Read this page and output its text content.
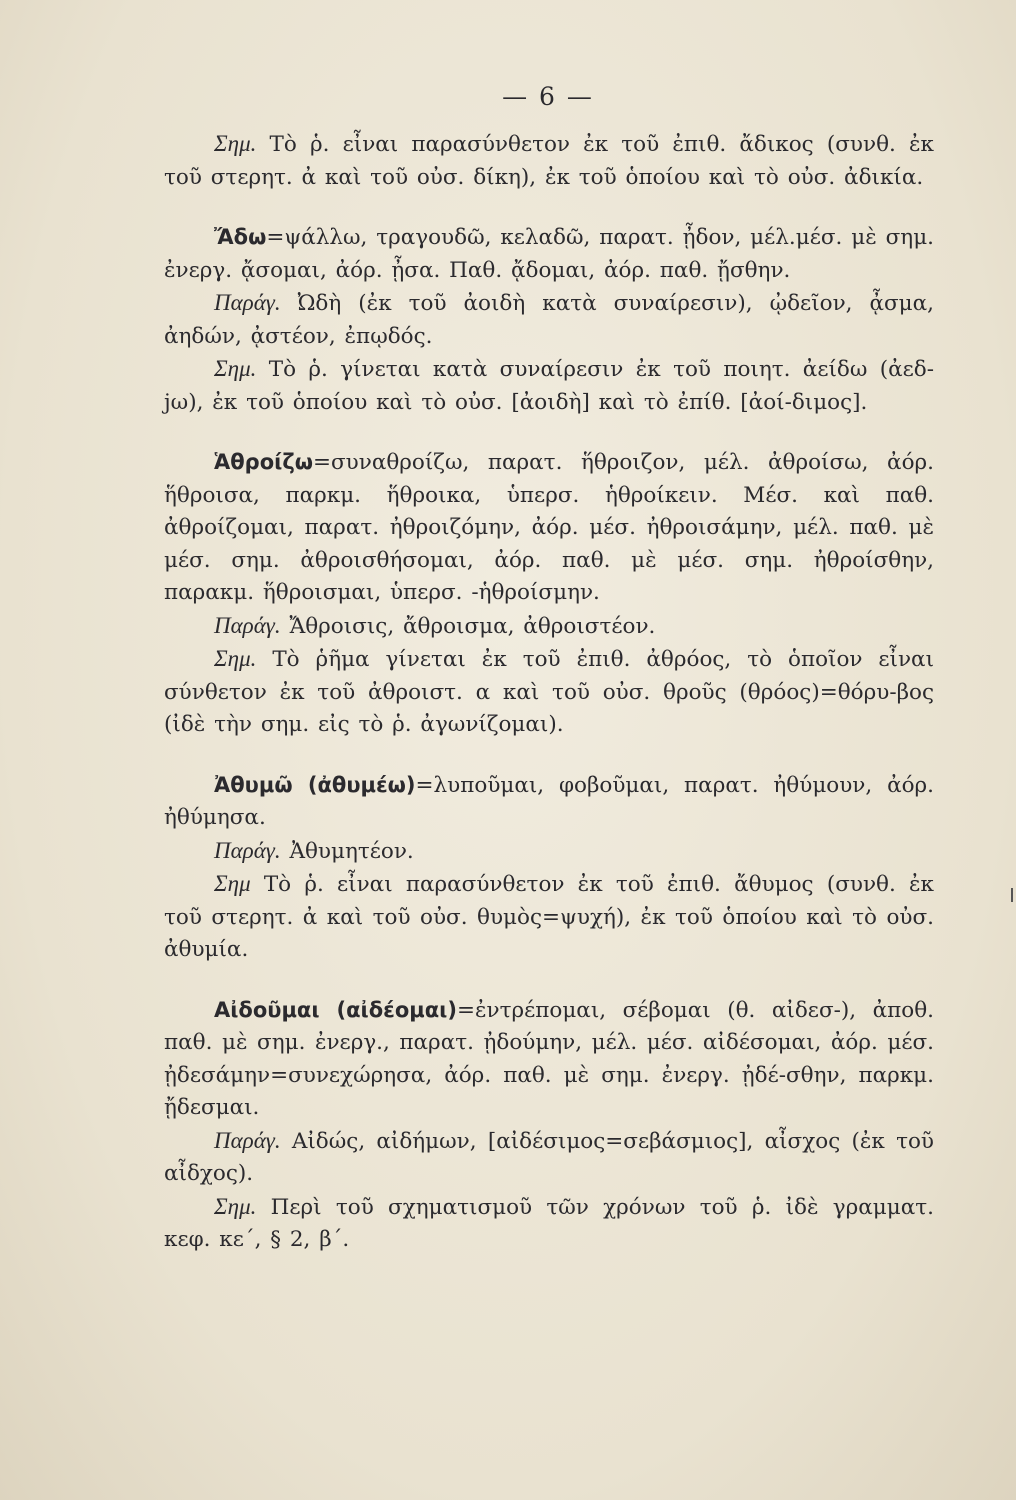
— 6 —

Σημ. Τὸ ῥ. εἶναι παρασύνθετον ἐκ τοῦ ἐπιθ. ἄδικος (συνθ. ἐκ τοῦ στερητ. ἀ καὶ τοῦ οὐσ. δίκη), ἐκ τοῦ ὁποίου καὶ τὸ οὐσ. ἀδικία.

Ἄδω=ψάλλω, τραγουδῶ, κελαδῶ, παρατ. ᾖδον, μέλ.μέσ. μὲ σημ. ἐνεργ. ᾄσομαι, ἀόρ. ᾖσα. Παθ. ᾄδομαι, ἀόρ. παθ. ᾔσθην.

Παράγ. Ὠδὴ (ἐκ τοῦ ἀοιδὴ κατὰ συναίρεσιν), ᾠδεῖον, ᾆσμα, ἀηδών, ᾀστέον, ἐπῳδός.

Σημ. Τὸ ῥ. γίνεται κατὰ συναίρεσιν ἐκ τοῦ ποιητ. ἀείδω (ἀεδ-jω), ἐκ τοῦ ὁποίου καὶ τὸ οὐσ. [ἀοιδὴ] καὶ τὸ ἐπίθ. [ἀοί-διμος].

Ἁθροίζω=συναθροίζω, παρατ. ἥθροιζον, μέλ. ἀθροίσω, ἀόρ. ἥθροισα, παρκμ. ἥθροικα, ὑπερσ. ἡθροίκειν. Μέσ. καὶ παθ. ἀθροίζομαι, παρατ. ἠθροιζόμην, ἀόρ. μέσ. ἠθροισάμην, μέλ. παθ. μὲ μέσ. σημ. ἀθροισθήσομαι, ἀόρ. παθ. μὲ μέσ. σημ. ἠθροίσθην, παρακμ. ἥθροισμαι, ὑπερσ. -ἡθροίσμην.

Παράγ. Ἄθροισις, ἄθροισμα, ἀθροιστέον.

Σημ. Τὸ ῥῆμα γίνεται ἐκ τοῦ ἐπιθ. ἀθρόος, τὸ ὁποῖον εἶναι σύνθετον ἐκ τοῦ ἀθροιστ. α καὶ τοῦ οὐσ. θροῦς (θρόος)=θόρυ-βος (ἰδὲ τὴν σημ. εἰς τὸ ῥ. ἀγωνίζομαι).

Ἀθυμῶ (ἀθυμέω)=λυποῦμαι, φοβοῦμαι, παρατ. ἠθύμουν, ἀόρ. ἠθύμησα.

Παράγ. Ἀθυμητέον.

Σημ Τὸ ῥ. εἶναι παρασύνθετον ἐκ τοῦ ἐπιθ. ἄθυμος (συνθ. ἐκ τοῦ στερητ. ἀ καὶ τοῦ οὐσ. θυμὸς=ψυχή), ἐκ τοῦ ὁποίου καὶ τὸ οὐσ. ἀθυμία.

Αἰδοῦμαι (αἰδέομαι)=ἐντρέπομαι, σέβομαι (θ. αἰδεσ-), ἀποθ. παθ. μὲ σημ. ἐνεργ., παρατ. ᾐδούμην, μέλ. μέσ. αἰδέσομαι, ἀόρ. μέσ. ᾐδεσάμην=συνεχώρησα, ἀόρ. παθ. μὲ σημ. ἐνεργ. ᾐδέ-σθην, παρκμ. ᾔδεσμαι.

Παράγ. Αἰδώς, αἰδήμων, [αἰδέσιμος=σεβάσμιος], αἶσχος (ἐκ τοῦ αἶδχος).

Σημ. Περὶ τοῦ σχηματισμοῦ τῶν χρόνων τοῦ ῥ. ἰδὲ γραμματ. κεφ. κε΄, § 2, β΄.
